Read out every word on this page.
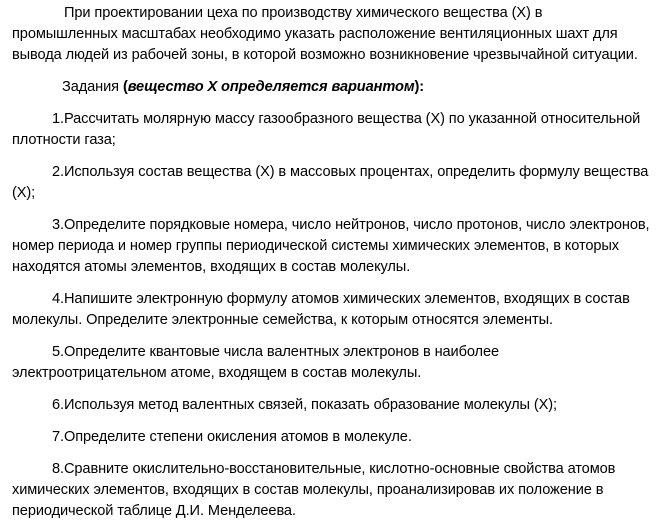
При проектировании цеха по производству химического вещества (Х) в промышленных масштабах необходимо указать расположение вентиляционных шахт для вывода людей из рабочей зоны, в которой возможно возникновение чрезвычайной ситуации.

Задания (вещество Х определяется вариантом):

1.Рассчитать молярную массу газообразного вещества (Х) по указанной относительной плотности газа;

2.Используя состав вещества (Х) в массовых процентах, определить формулу вещества (Х);

3.Определите порядковые номера, число нейтронов, число протонов, число электронов, номер периода и номер группы периодической системы химических элементов, в которых находятся атомы элементов, входящих в состав молекулы.

4.Напишите электронную формулу атомов химических элементов, входящих в состав молекулы. Определите электронные семейства, к которым относятся элементы.

5.Определите квантовые числа валентных электронов в наиболее электроотрицательном атоме, входящем в состав молекулы.

6.Используя метод валентных связей, показать образование молекулы (Х);

7.Определите степени окисления атомов в молекуле.

8.Сравните окислительно-восстановительные, кислотно-основные свойства атомов химических элементов, входящих в состав молекулы, проанализировав их положение в периодической таблице Д.И. Менделеева.
